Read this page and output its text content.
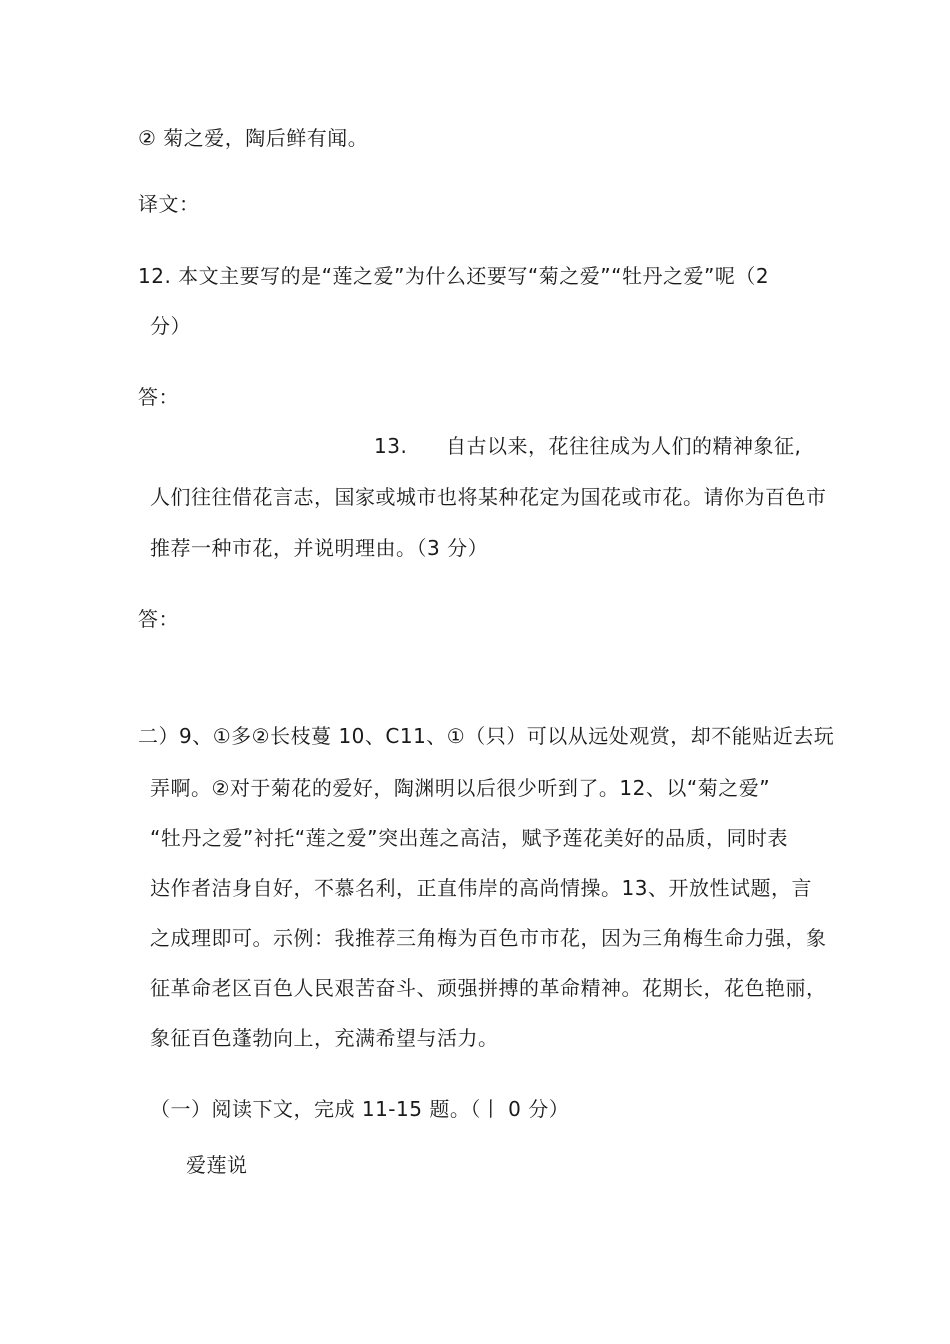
② 菊之爱，陶后鲜有闻。
译文：
12. 本文主要写的是“莲之爱”为什么还要写“菊之爱”“牡丹之爱”呢（2
分）
答：
13. 自古以来，花往往成为人们的精神象征,
人们往往借花言志，国家或城市也将某种花定为国花或市花。请你为百色市
推荐一种市花，并说明理由。（3 分）
答：
二）9、①多②长枝蔓 10、C11、①（只）可以从远处观赏，却不能贴近去玩
弄啊。②对于菊花的爱好，陶渊明以后很少听到了。12、以“菊之爱”
“牡丹之爱”衬托“莲之爱”突出莲之高洁，赋予莲花美好的品质，同时表
达作者洁身自好，不慕名利，正直伟岸的高尚情操。13、开放性试题，言
之成理即可。示例：我推荐三角梅为百色市市花，因为三角梅生命力强，象
征革命老区百色人民艰苦奋斗、顽强拼搏的革命精神。花期长，花色艳丽，
象征百色蓬勃向上，充满希望与活力。
（一）阅读下文，完成 11-15 题。（丨 0 分）
爱莲说
